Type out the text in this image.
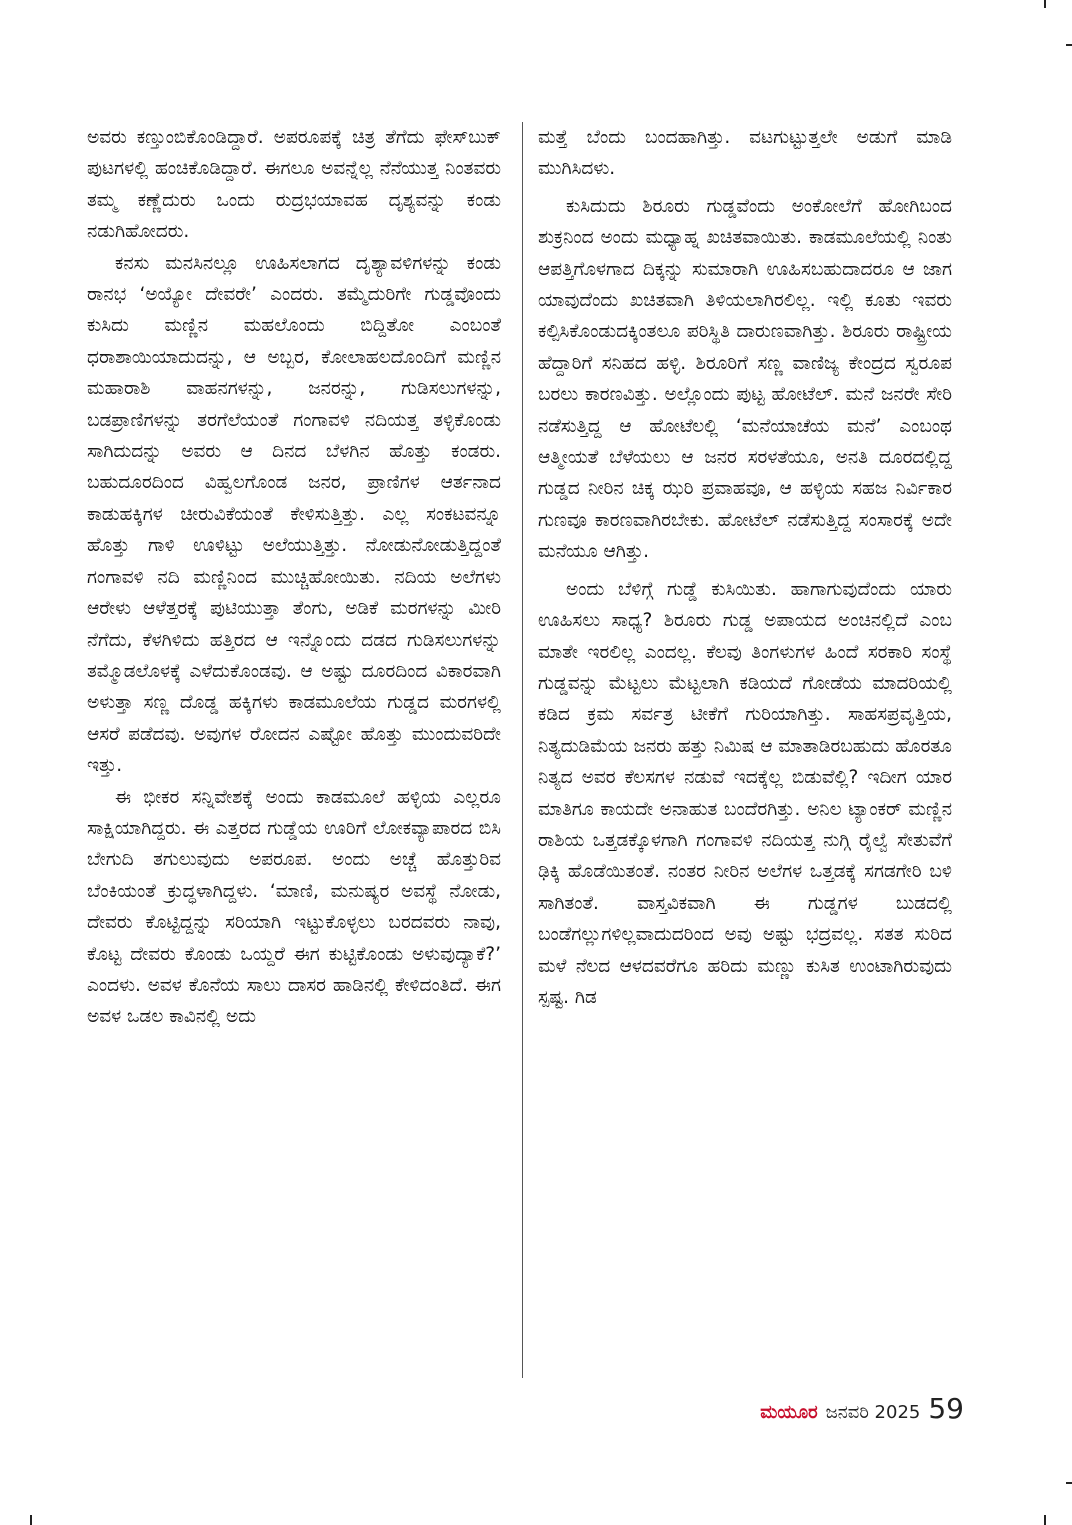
ಅವರು ಕಣ್ತುಂಬಿಕೊಂಡಿದ್ದಾರೆ. ಅಪರೂಪಕ್ಕೆ ಚಿತ್ರ ತೆಗೆದು ಫೇಸ್‌ಬುಕ್ ಪುಟಗಳಲ್ಲಿ ಹಂಚಿಕೊಡಿದ್ದಾರೆ. ಈಗಲೂ ಅವನ್ನೆಲ್ಲ ನೆನೆಯುತ್ತ ನಿಂತವರು ತಮ್ಮ ಕಣ್ಣೆದುರು ಒಂದು ರುದ್ರಭಯಾವಹ ದೃಶ್ಯವನ್ನು ಕಂಡು ನಡುಗಿಹೋದರು.

ಕನಸು ಮನಸಿನಲ್ಲೂ ಊಹಿಸಲಾಗದ ದೃಶ್ಯಾವಳಿಗಳನ್ನು ಕಂಡು ರಾನಭ ‘ಅಯ್ಯೋ ದೇವರೇ’ ಎಂದರು. ತಮ್ಮೆದುರಿಗೇ ಗುಡ್ಡವೊಂದು ಕುಸಿದು ಮಣ್ಣಿನ ಮಹಲೊಂದು ಬಿದ್ದಿತೋ ಎಂಬಂತೆ ಧರಾಶಾಯಿಯಾದುದನ್ನು, ಆ ಅಬ್ಬರ, ಕೋಲಾಹಲದೊಂದಿಗೆ ಮಣ್ಣಿನ ಮಹಾರಾಶಿ ವಾಹನಗಳನ್ನು, ಜನರನ್ನು, ಗುಡಿಸಲುಗಳನ್ನು, ಬಡಪ್ರಾಣಿಗಳನ್ನು ತರಗೆಲೆಯಂತೆ ಗಂಗಾವಳಿ ನದಿಯತ್ತ ತಳ್ಳಿಕೊಂಡು ಸಾಗಿದುದನ್ನು ಅವರು ಆ ದಿನದ ಬೆಳಗಿನ ಹೊತ್ತು ಕಂಡರು. ಬಹುದೂರದಿಂದ ವಿಹ್ವಲಗೊಂಡ ಜನರ, ಪ್ರಾಣಿಗಳ ಆರ್ತನಾದ ಕಾಡುಹಕ್ಕಿಗಳ ಚೀರುವಿಕೆಯಂತೆ ಕೇಳಿಸುತ್ತಿತ್ತು. ಎಲ್ಲ ಸಂಕಟವನ್ನೂ ಹೊತ್ತು ಗಾಳಿ ಊಳಿಟ್ಟು ಅಲೆಯುತ್ತಿತ್ತು. ನೋಡುನೋಡುತ್ತಿದ್ದಂತೆ ಗಂಗಾವಳಿ ನದಿ ಮಣ್ಣಿನಿಂದ ಮುಚ್ಚಿಹೋಯಿತು. ನದಿಯ ಅಲೆಗಳು ಆರೇಳು ಆಳೆತ್ತರಕ್ಕೆ ಪುಟಿಯುತ್ತಾ ತೆಂಗು, ಅಡಿಕೆ ಮರಗಳನ್ನು ಮೀರಿ ನೆಗೆದು, ಕೆಳಗಿಳಿದು ಹತ್ತಿರದ ಆ ಇನ್ನೊಂದು ದಡದ ಗುಡಿಸಲುಗಳನ್ನು ತಮ್ಮೊಡಲೊಳಕ್ಕೆ ಎಳೆದುಕೊಂಡವು. ಆ ಅಷ್ಟು ದೂರದಿಂದ ವಿಕಾರವಾಗಿ ಅಳುತ್ತಾ ಸಣ್ಣ ದೊಡ್ಡ ಹಕ್ಕಿಗಳು ಕಾಡಮೂಲೆಯ ಗುಡ್ಡದ ಮರಗಳಲ್ಲಿ ಆಸರೆ ಪಡೆದವು. ಅವುಗಳ ರೋದನ ಎಷ್ಟೋ ಹೊತ್ತು ಮುಂದುವರಿದೇ ಇತ್ತು.

ಈ ಭೀಕರ ಸನ್ನಿವೇಶಕ್ಕೆ ಅಂದು ಕಾಡಮೂಲೆ ಹಳ್ಳಿಯ ಎಲ್ಲರೂ ಸಾಕ್ಷಿಯಾಗಿದ್ದರು. ಈ ಎತ್ತರದ ಗುಡ್ಡೆಯ ಊರಿಗೆ ಲೋಕವ್ಯಾಪಾರದ ಬಿಸಿ ಬೇಗುದಿ ತಗುಲುವುದು ಅಪರೂಪ. ಅಂದು ಅಚ್ಚೆ ಹೊತ್ತುರಿವ ಬೆಂಕಿಯಂತೆ ಕ್ರುದ್ಧಳಾಗಿದ್ದಳು. ‘ಮಾಣಿ, ಮನುಷ್ಯರ ಅವಸ್ಥೆ ನೋಡು, ದೇವರು ಕೊಟ್ಟಿದ್ದನ್ನು ಸರಿಯಾಗಿ ಇಟ್ಟುಕೊಳ್ಳಲು ಬರದವರು ನಾವು, ಕೊಟ್ಟ ದೇವರು ಕೊಂಡು ಒಯ್ದರೆ ಈಗ ಕುಟ್ಟಿಕೊಂಡು ಅಳುವುದ್ಯಾಕೆ?’ ಎಂದಳು. ಅವಳ ಕೊನೆಯ ಸಾಲು ದಾಸರ ಹಾಡಿನಲ್ಲಿ ಕೇಳಿದಂತಿದೆ. ಈಗ ಅವಳ ಒಡಲ ಕಾವಿನಲ್ಲಿ ಅದು

ಮತ್ತೆ ಬೆಂದು ಬಂದಹಾಗಿತ್ತು. ವಟಗುಟ್ಟುತ್ತಲೇ ಅಡುಗೆ ಮಾಡಿ ಮುಗಿಸಿದಳು.

ಕುಸಿದುದು ಶಿರೂರು ಗುಡ್ಡವೆಂದು ಅಂಕೋಲೆಗೆ ಹೋಗಿಬಂದ ಶುಕ್ರನಿಂದ ಅಂದು ಮಧ್ಯಾಹ್ನ ಖಚಿತವಾಯಿತು. ಕಾಡಮೂಲೆಯಲ್ಲಿ ನಿಂತು ಆಪತ್ತಿಗೊಳಗಾದ ದಿಕ್ಕನ್ನು ಸುಮಾರಾಗಿ ಊಹಿಸಬಹುದಾದರೂ ಆ ಜಾಗ ಯಾವುದೆಂದು ಖಚಿತವಾಗಿ ತಿಳಿಯಲಾಗಿರಲಿಲ್ಲ. ಇಲ್ಲಿ ಕೂತು ಇವರು ಕಲ್ಪಿಸಿಕೊಂಡುದಕ್ಕಿಂತಲೂ ಪರಿಸ್ಥಿತಿ ದಾರುಣವಾಗಿತ್ತು. ಶಿರೂರು ರಾಷ್ಟ್ರೀಯ ಹೆದ್ದಾರಿಗೆ ಸನಿಹದ ಹಳ್ಳಿ. ಶಿರೂರಿಗೆ ಸಣ್ಣ ವಾಣಿಜ್ಯ ಕೇಂದ್ರದ ಸ್ವರೂಪ ಬರಲು ಕಾರಣವಿತ್ತು. ಅಲ್ಲೊಂದು ಪುಟ್ಟ ಹೋಟೆಲ್. ಮನೆ ಜನರೇ ಸೇರಿ ನಡೆಸುತ್ತಿದ್ದ ಆ ಹೋಟೆಲಲ್ಲಿ ‘ಮನೆಯಾಚೆಯ ಮನೆ’ ಎಂಬಂಥ ಆತ್ಮೀಯತೆ ಬೆಳೆಯಲು ಆ ಜನರ ಸರಳತೆಯೂ, ಅನತಿ ದೂರದಲ್ಲಿದ್ದ ಗುಡ್ಡದ ನೀರಿನ ಚಿಕ್ಕ ಝರಿ ಪ್ರವಾಹವೂ, ಆ ಹಳ್ಳಿಯ ಸಹಜ ನಿರ್ವಿಕಾರ ಗುಣವೂ ಕಾರಣವಾಗಿರಬೇಕು. ಹೋಟೆಲ್ ನಡೆಸುತ್ತಿದ್ದ ಸಂಸಾರಕ್ಕೆ ಅದೇ ಮನೆಯೂ ಆಗಿತ್ತು.

ಅಂದು ಬೆಳಿಗ್ಗೆ ಗುಡ್ಡೆ ಕುಸಿಯಿತು. ಹಾಗಾಗುವುದೆಂದು ಯಾರು ಊಹಿಸಲು ಸಾಧ್ಯ? ಶಿರೂರು ಗುಡ್ಡ ಅಪಾಯದ ಅಂಚಿನಲ್ಲಿದೆ ಎಂಬ ಮಾತೇ ಇರಲಿಲ್ಲ ಎಂದಲ್ಲ. ಕೆಲವು ತಿಂಗಳುಗಳ ಹಿಂದೆ ಸರಕಾರಿ ಸಂಸ್ಥೆ ಗುಡ್ಡವನ್ನು ಮೆಟ್ಟಲು ಮೆಟ್ಟಲಾಗಿ ಕಡಿಯದೆ ಗೋಡೆಯ ಮಾದರಿಯಲ್ಲಿ ಕಡಿದ ಕ್ರಮ ಸರ್ವತ್ರ ಟೀಕೆಗೆ ಗುರಿಯಾಗಿತ್ತು. ಸಾಹಸಪ್ರವೃತ್ತಿಯ, ನಿತ್ಯದುಡಿಮೆಯ ಜನರು ಹತ್ತು ನಿಮಿಷ ಆ ಮಾತಾಡಿರಬಹುದು ಹೊರತೂ ನಿತ್ಯದ ಅವರ ಕೆಲಸಗಳ ನಡುವೆ ಇದಕ್ಕೆಲ್ಲ ಬಿಡುವೆಲ್ಲಿ? ಇದೀಗ ಯಾರ ಮಾತಿಗೂ ಕಾಯದೇ ಅನಾಹುತ ಬಂದೆರಗಿತ್ತು. ಅನಿಲ ಟ್ಯಾಂಕರ್ ಮಣ್ಣಿನ ರಾಶಿಯ ಒತ್ತಡಕ್ಕೊಳಗಾಗಿ ಗಂಗಾವಳಿ ನದಿಯತ್ತ ನುಗ್ಗಿ ರೈಲ್ವೆ ಸೇತುವೆಗೆ ಢಿಕ್ಕಿ ಹೊಡೆಯಿತಂತೆ. ನಂತರ ನೀರಿನ ಅಲೆಗಳ ಒತ್ತಡಕ್ಕೆ ಸಗಡಗೇರಿ ಬಳಿ ಸಾಗಿತಂತೆ. ವಾಸ್ತವಿಕವಾಗಿ ಈ ಗುಡ್ಡಗಳ ಬುಡದಲ್ಲಿ ಬಂಡೆಗಲ್ಲುಗಳಿಲ್ಲವಾದುದರಿಂದ ಅವು ಅಷ್ಟು ಭದ್ರವಲ್ಲ. ಸತತ ಸುರಿದ ಮಳೆ ನೆಲದ ಆಳದವರೆಗೂ ಹರಿದು ಮಣ್ಣು ಕುಸಿತ ಉಂಟಾಗಿರುವುದು ಸ್ಪಷ್ಟ. ಗಿಡ

ಮಯೂರ ಜನವರಿ 2025 59
